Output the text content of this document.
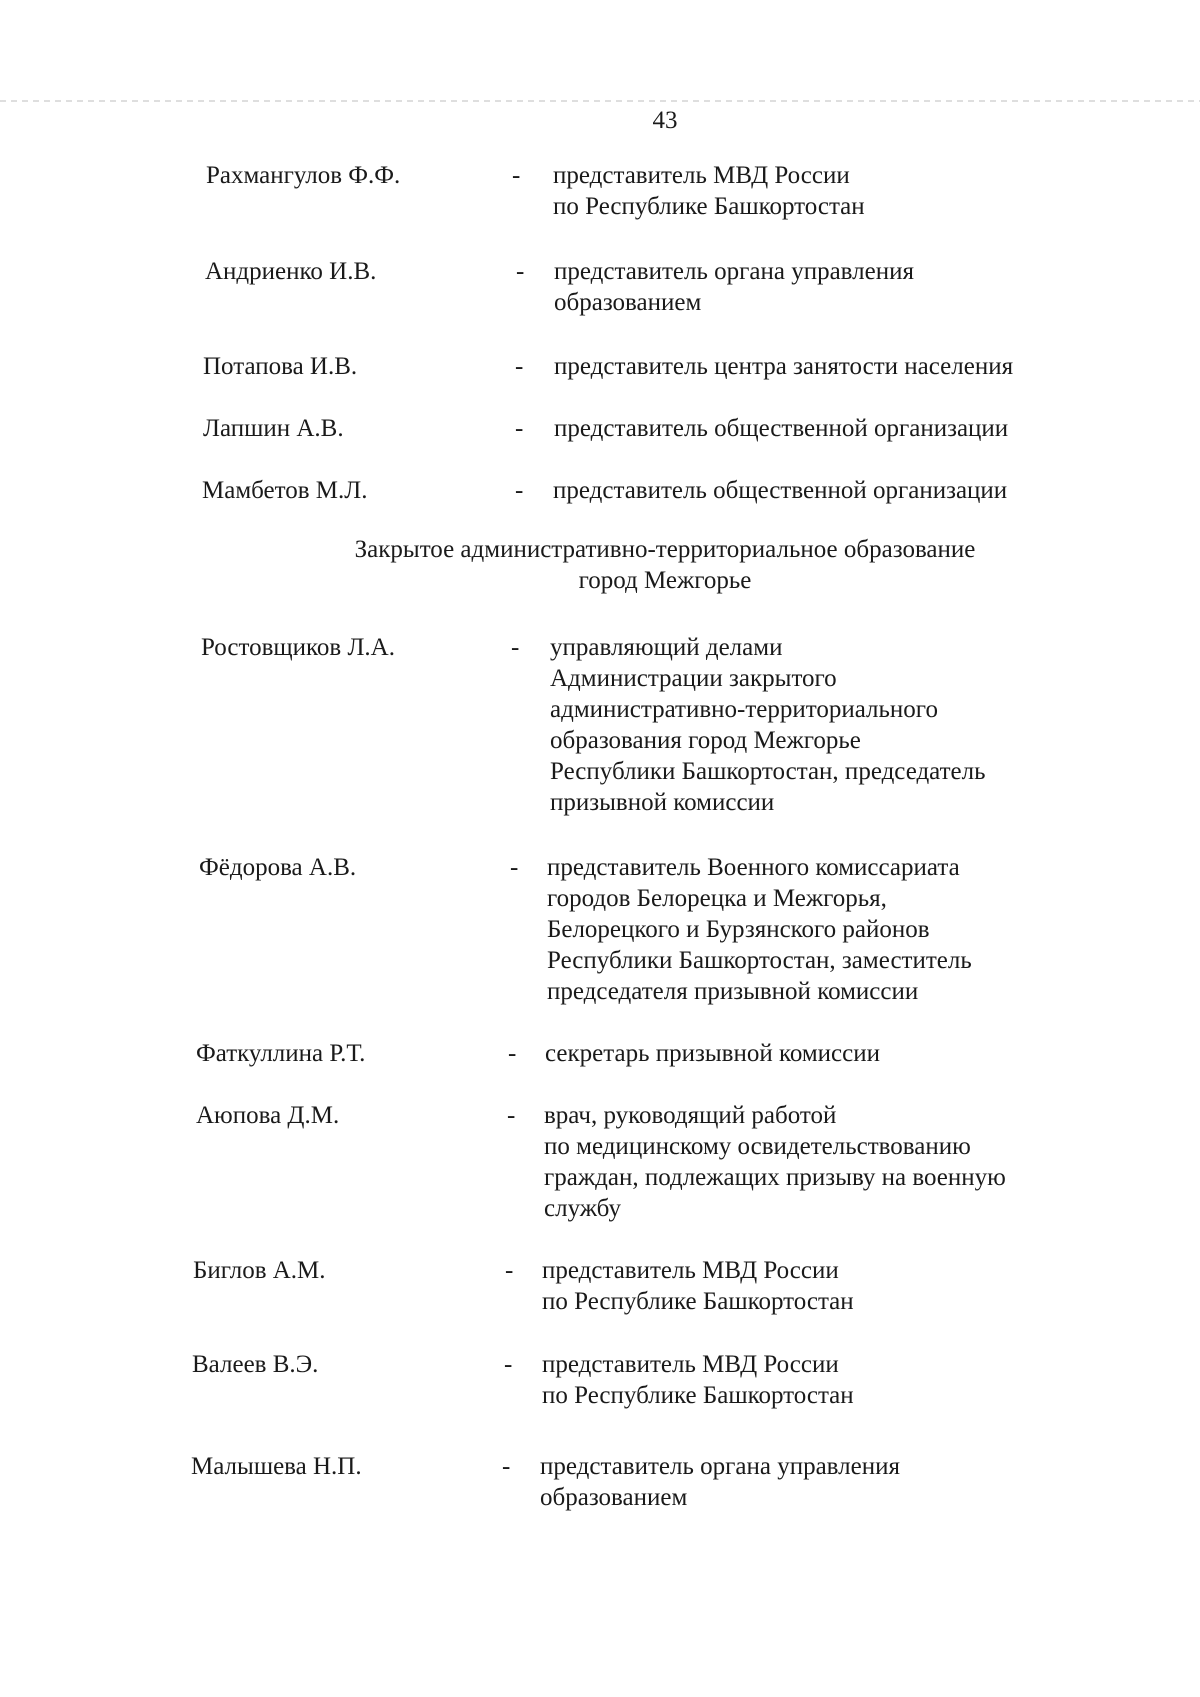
43
Рахмангулов Ф.Ф.	- представитель МВД России
по Республике Башкортостан
Андриенко И.В.	- представитель органа управления
образованием
Потапова И.В.	- представитель центра занятости населения
Лапшин А.В.	- представитель общественной организации
Мамбетов М.Л.	- представитель общественной организации
Закрытое административно-территориальное образование
город Межгорье
Ростовщиков Л.А.	- управляющий делами
Администрации закрытого
административно-территориального
образования город Межгорье
Республики Башкортостан, председатель
призывной комиссии
Фёдорова А.В.	- представитель Военного комиссариата
городов Белорецка и Межгорья,
Белорецкого и Бурзянского районов
Республики Башкортостан, заместитель
председателя призывной комиссии
Фаткуллина Р.Т.	- секретарь призывной комиссии
Аюпова Д.М.	- врач, руководящий работой
по медицинскому освидетельствованию
граждан, подлежащих призыву на военную
службу
Биглов А.М.	- представитель МВД России
по Республике Башкортостан
Валеев В.Э.	- представитель МВД России
по Республике Башкортостан
Малышева Н.П.	- представитель органа управления
образованием
